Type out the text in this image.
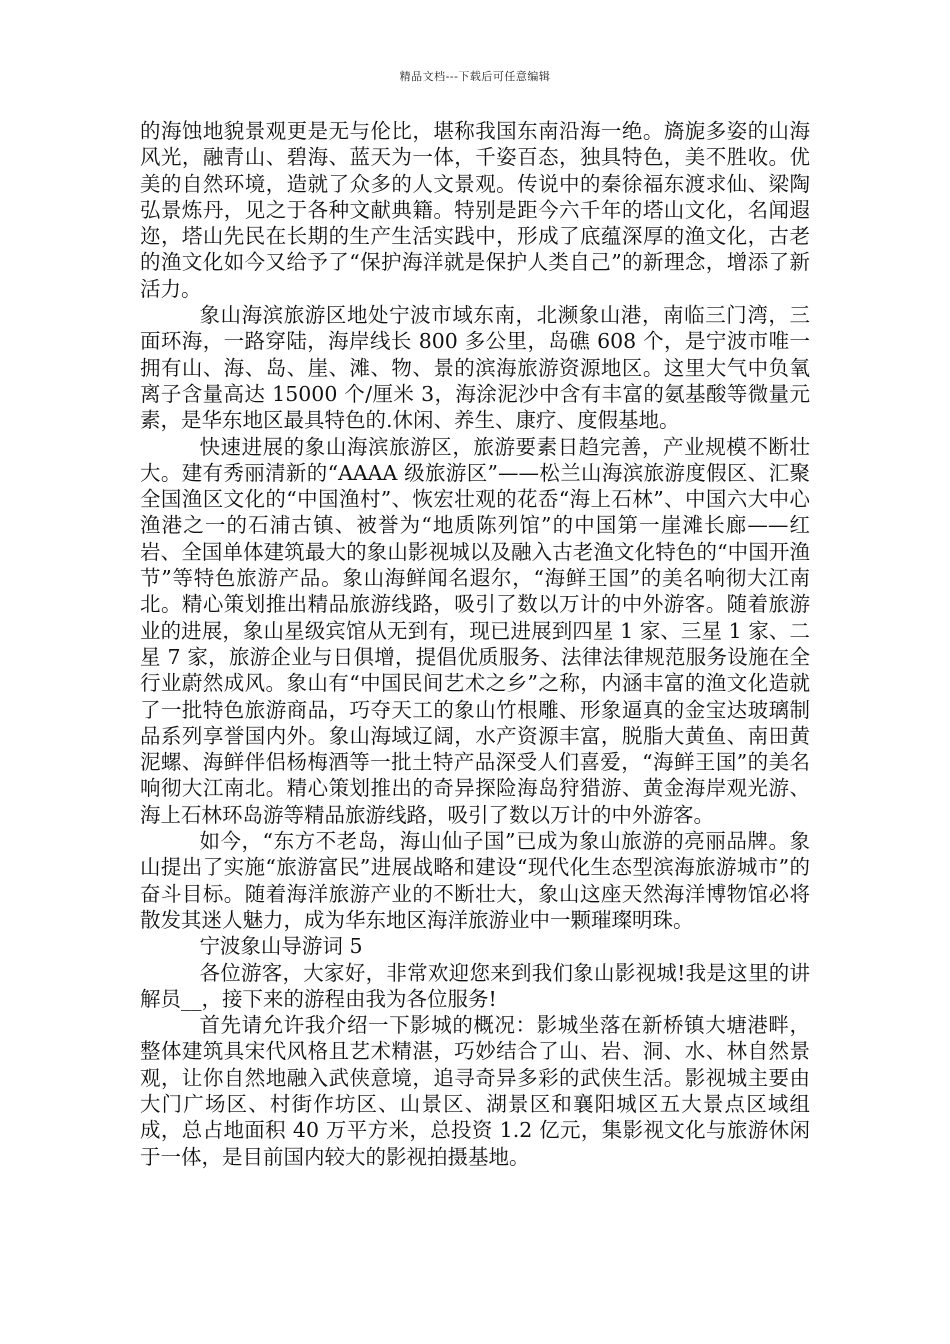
精品文档---下载后可任意编辑

的海蚀地貌景观更是无与伦比，堪称我国东南沿海一绝。旖旎多姿的山海风光，融青山、碧海、蓝天为一体，千姿百态，独具特色，美不胜收。优美的自然环境，造就了众多的人文景观。传说中的秦徐福东渡求仙、梁陶弘景炼丹，见之于各种文献典籍。特别是距今六千年的塔山文化，名闻遐迩，塔山先民在长期的生产生活实践中，形成了底蕴深厚的渔文化，古老的渔文化如今又给予了“保护海洋就是保护人类自己”的新理念，增添了新活力。

象山海滨旅游区地处宁波市域东南，北濒象山港，南临三门湾，三面环海，一路穿陆，海岸线长 800 多公里，岛礁 608 个，是宁波市唯一拥有山、海、岛、崖、滩、物、景的滨海旅游资源地区。这里大气中负氧离子含量高达 15000 个/厘米 3，海涂泥沙中含有丰富的氨基酸等微量元素，是华东地区最具特色的.休闲、养生、康疗、度假基地。

快速进展的象山海滨旅游区，旅游要素日趋完善，产业规模不断壮大。建有秀丽清新的“AAAA 级旅游区”——松兰山海滨旅游度假区、汇聚全国渔区文化的“中国渔村”、恢宏壮观的花岙“海上石林”、中国六大中心渔港之一的石浦古镇、被誉为“地质陈列馆”的中国第一崖滩长廊——红岩、全国单体建筑最大的象山影视城以及融入古老渔文化特色的“中国开渔节”等特色旅游产品。象山海鲜闻名遐尔，“海鲜王国”的美名响彻大江南北。精心策划推出精品旅游线路，吸引了数以万计的中外游客。随着旅游业的进展，象山星级宾馆从无到有，现已进展到四星 1 家、三星 1 家、二星 7 家，旅游企业与日俱增，提倡优质服务、法律法律规范服务设施在全行业蔚然成风。象山有“中国民间艺术之乡”之称，内涵丰富的渔文化造就了一批特色旅游商品，巧夺天工的象山竹根雕、形象逼真的金宝达玻璃制品系列享誉国内外。象山海域辽阔，水产资源丰富，脱脂大黄鱼、南田黄泥螺、海鲜伴侣杨梅酒等一批土特产品深受人们喜爱，“海鲜王国”的美名响彻大江南北。精心策划推出的奇异探险海岛狩猎游、黄金海岸观光游、海上石林环岛游等精品旅游线路，吸引了数以万计的中外游客。

如今，“东方不老岛，海山仙子国”已成为象山旅游的亮丽品牌。象山提出了实施“旅游富民”进展战略和建设“现代化生态型滨海旅游城市”的奋斗目标。随着海洋旅游产业的不断壮大，象山这座天然海洋博物馆必将散发其迷人魅力，成为华东地区海洋旅游业中一颗璀璨明珠。

宁波象山导游词 5

各位游客，大家好，非常欢迎您来到我们象山影视城!我是这里的讲解员__，接下来的游程由我为各位服务!

首先请允许我介绍一下影城的概况：影城坐落在新桥镇大塘港畔，整体建筑具宋代风格且艺术精湛，巧妙结合了山、岩、洞、水、林自然景观，让你自然地融入武侠意境，追寻奇异多彩的武侠生活。影视城主要由大门广场区、村街作坊区、山景区、湖景区和襄阳城区五大景点区域组成，总占地面积 40 万平方米，总投资 1.2 亿元，集影视文化与旅游休闲于一体，是目前国内较大的影视拍摄基地。
